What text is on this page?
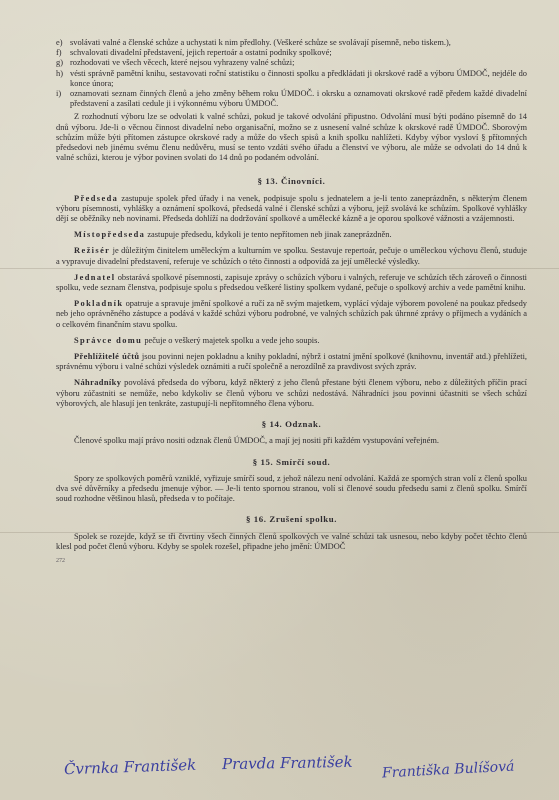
e) svolávati valné a členské schůze a uchystati k nim předlohy. (Veškeré schůze se svolávají písemně, nebo tiskem.),

f)	schvalovati divadelní představení, jejich repertoár a ostatní podniky spolkové;

g) rozhodovati ve všech věcech, které nejsou vyhrazeny valné schůzi;

h) vésti správně pamětní knihu, sestavovati roční statistiku o činnosti spolku a předkládati ji okrskové radě a výboru ÚMDOČ, nejdéle do konce února;

i)	oznamovati seznam činných členů a jeho změny během roku ÚMDOČ. i okrsku a oznamovati okrskové radě předem každé divadelní představení a zasílati cedule ji i výkonnému výboru ÚMDOČ.

Z rozhodnutí výboru lze se odvolati k valné schůzi, pokud je takové odvolání připustno. Odvolání musí býti podáno písemně do 14 dnů výboru. Jde-li o věcnou činnost divadelní nebo organisační, možno se z usnesení valné schůze k okrskové radě ÚMDOČ. Sborovým schůzím může býti přítomen zástupce okrskové rady a může do všech spisů a knih spolku nahlížeti. Kdyby výbor vysloví § přítomných předsedovi neb jinému svému členu nedůvěru, musí se tento vzdáti svého úřadu a členství ve výboru, ale může se odvolati do 14 dnů k valné schůzi, kterou je výbor povinen svolati do 14 dnů po podaném odvolání.

§ 13. Činovníci.

Předseda zastupuje spolek před úřady i na venek, podpisuje spolu s jednatelem a je-li tento zaneprázdněn, s některým členem výboru písemnosti, vyhlášky a oznámení spolková, předsedá valné i členské schůzi a výboru, jejž svolává ke schůzím. Spolkové vyhlášky dějí se oběžníky neb novinami. Předseda dohlíží na dodržování spolkové a umělecké kázně a je oporou spolkové vážnosti a vzájemnosti.

Místopředseda zastupuje předsedu, kdykoli je tento nepřítomen neb jinak zaneprázdněn.

Režisér je důležitým činitelem uměleckým a kulturním ve spolku. Sestavuje repertoár, pečuje o uměleckou výchovu členů, studuje a vypravuje divadelní představení, referuje ve schůzích o této činnosti a odpovídá za její umělecké výsledky.

Jednatel obstarává spolkové písemnosti, zapisuje zprávy o schůzích výboru i valných, referuje ve schůzích těch zároveň o činnosti spolku, vede seznam členstva, podpisuje spolu s předsedou veškeré listiny spolkem vydané, pečuje o spolkový archiv a vede pamětní knihu.

Pokladník opatruje a spravuje jmění spolkové a ručí za ně svým majetkem, vyplácí výdaje výborem povolené na poukaz předsedy neb jeho oprávněného zástupce a podává v každé schůzi výboru podrobné, ve valných schůzích pak úhrnné zprávy o příjmech a vydáních a o celkovém finančním stavu spolku.

Správce domu pečuje o veškerý majetek spolku a vede jeho soupis.

Přehlížitelé účtů jsou povinni nejen pokladnu a knihy pokladní, nýbrž i ostatní jmění spolkové (knihovnu, inventář atd.) přehlížeti, správnému výboru i valné schůzi výsledek oznámiti a ručí společně a nerozdílně za pravdivost svých zpráv.

Náhradníky povolává předseda do výboru, když některý z jeho členů přestane býti členem výboru, nebo z důležitých příčin prací výboru zúčastniti se nemůže, nebo kdykoliv se členů výboru ve schůzi nedostává. Náhradníci jsou povinni účastniti se všech schůzí výborových, ale hlasují jen tenkráte, zastupují-li nepřítomného člena výboru.

§ 14. Odznak.

Členové spolku mají právo nositi odznak členů ÚMDOČ, a mají jej nositi při každém vystupování veřejném.

§ 15. Smírčí soud.

Spory ze spolkových poměrů vzniklé, vyřizuje smírčí soud, z jehož nálezu není odvolání. Každá ze sporných stran volí z členů spolku dva své důvěrníky a předsedu jmenuje výbor. — Je-li tento spornou stranou, volí si členové soudu předsedu sami z členů spolku. Smírčí soud rozhodne většinou hlasů, předseda v to počítaje.

§ 16. Zrušení spolku.

Spolek se rozejde, když se tři čtvrtiny všech činných členů spolkových ve valné schůzi tak usnesou, nebo kdyby počet těchto členů klesl pod počet členů výboru. Kdyby se spolek rozešel, připadne jeho jmění: ÚMDOČ

272

Čvrnka František Pravda František Františka Bulíšová
